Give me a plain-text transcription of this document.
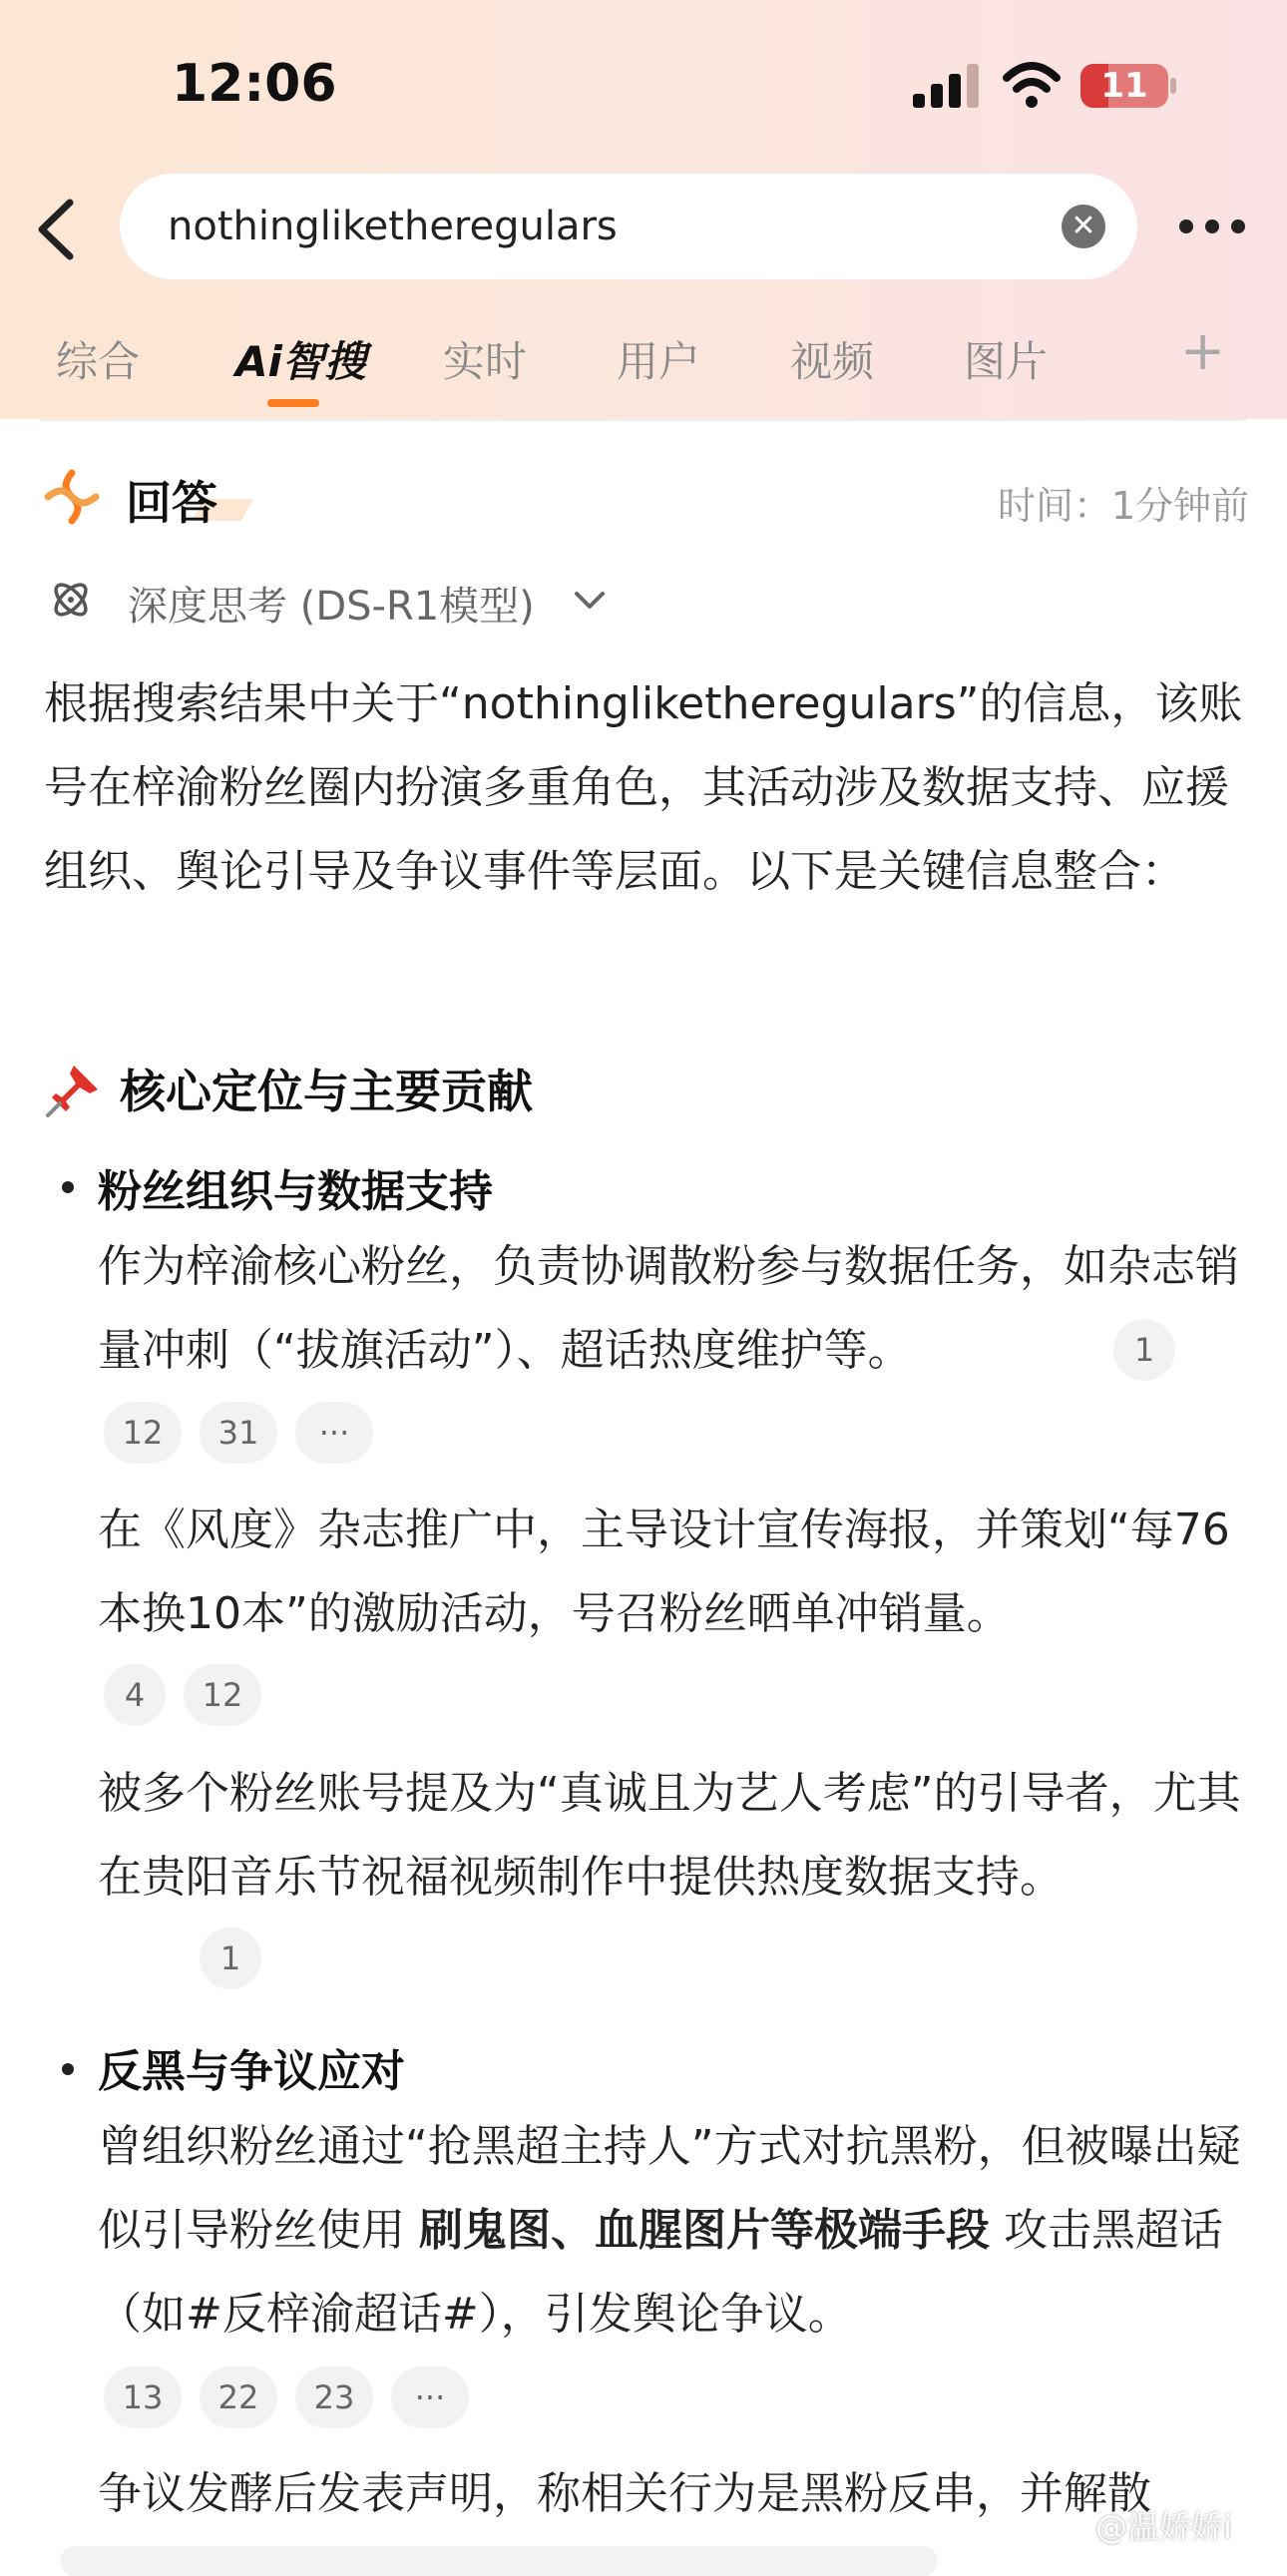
12:06	11
nothingliketheregulars	✕
综合 Ai智搜 实时 用户 视频 图片 +
回答	时间：1分钟前
深度思考 (DS-R1模型)
根据搜索结果中关于“nothingliketheregulars”的信息，该账号在梓渝粉丝圈内扮演多重角色，其活动涉及数据支持、应援组织、舆论引导及争议事件等层面。以下是关键信息整合：
核心定位与主要贡献
粉丝组织与数据支持
作为梓渝核心粉丝，负责协调散粉参与数据任务，如杂志销量冲刺（“拔旗活动”）、超话热度维护等。	1
12	31	···
在《风度》杂志推广中，主导设计宣传海报，并策划“每76本换10本”的激励活动，号召粉丝晒单冲销量。
4	12
被多个粉丝账号提及为“真诚且为艺人考虑”的引导者，尤其在贵阳音乐节祝福视频制作中提供热度数据支持。
1
反黑与争议应对
曾组织粉丝通过“抢黑超主持人”方式对抗黑粉，但被曝出疑似引导粉丝使用 刷鬼图、血腥图片等极端手段 攻击黑超话（如#反梓渝超话#），引发舆论争议。
13	22	23	···
争议发酵后发表声明，称相关行为是黑粉反串，并解散
@温娇娇i
